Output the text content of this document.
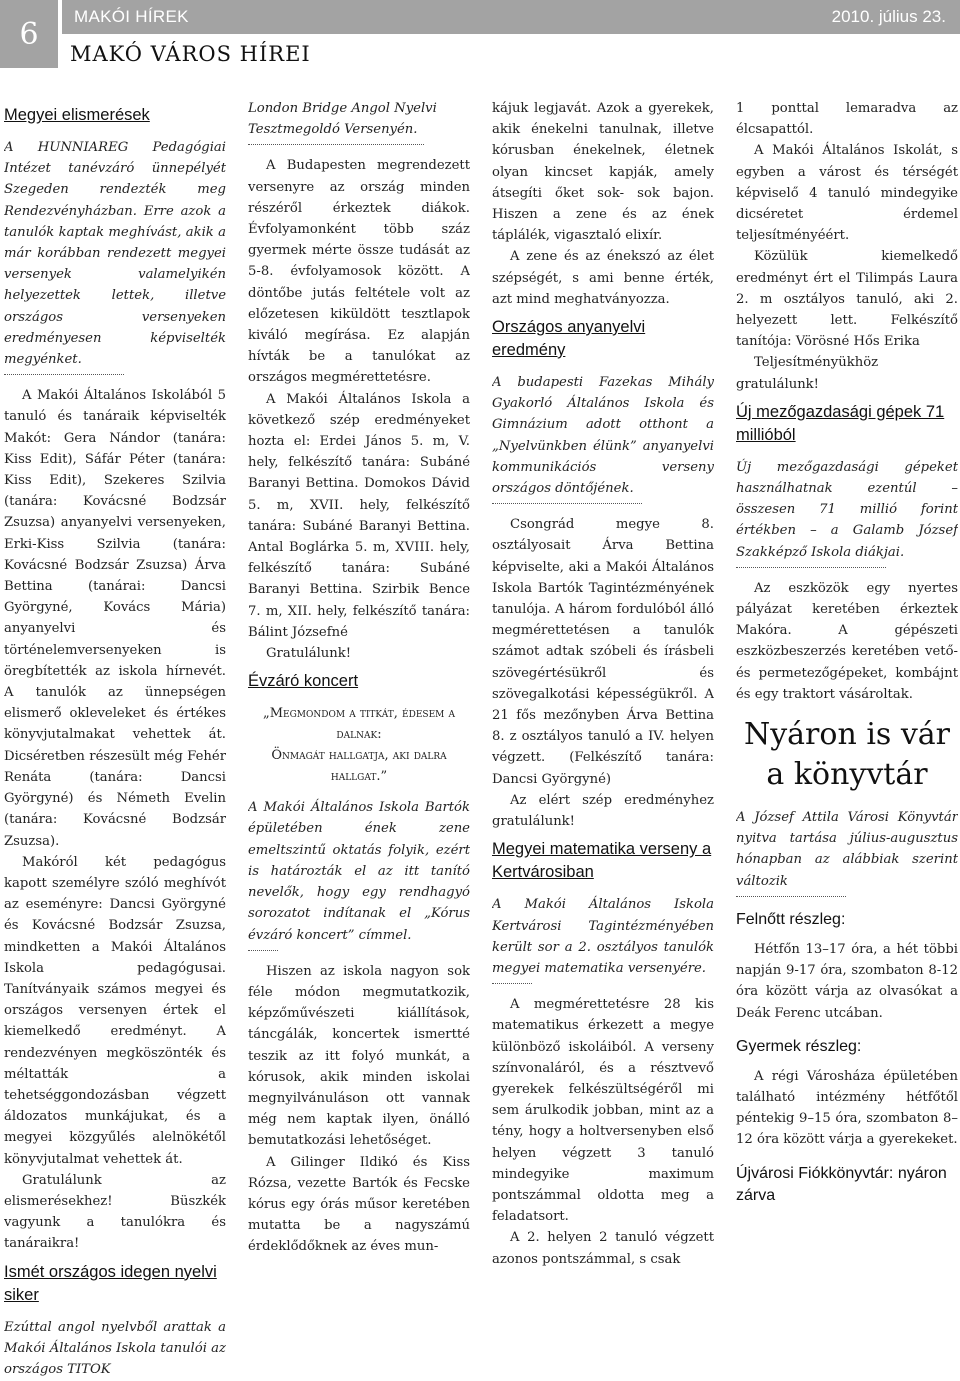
6	MAKÓI HÍREK	2010. július 23.
MAKÓ VÁROS HÍREI

Megyei elismerések

A HUNNIAREG Pedagógiai Intézet tanévzáró ünnepélyét Szegeden rendezték meg Rendezvényházban. Erre azok a tanulók kaptak meghívást, akik a már korábban rendezett megyei versenyek valamelyikén helyezettek lettek, illetve országos versenyeken eredményesen képviselték megyénket.

A Makói Általános Iskolából 5 tanuló és tanáraik képviselték Makót: Gera Nándor (tanára: Kiss Edit), Sáfár Péter (tanára: Kiss Edit), Szekeres Szilvia (tanára: Kovácsné Bodzsár Zsuzsa) anyanyelvi versenyeken, Erki-Kiss Szilvia (tanára: Kovácsné Bodzsár Zsuzsa) Árva Bettina (tanárai: Dancsi Györgyné, Kovács Mária) anyanyelvi és történelemversenyeken is öregbítették az iskola hírnevét. A tanulók az ünnepségen elismerő okleveleket és értékes könyvjutalmakat vehettek át. Dicséretben részesült még Fehér Renáta (tanára: Dancsi Györgyné) és Németh Evelin (tanára: Kovácsné Bodzsár Zsuzsa).

Makóról két pedagógus kapott személyre szóló meghívót az eseményre: Dancsi Györgyné és Kovácsné Bodzsár Zsuzsa, mindketten a Makói Általános Iskola pedagógusai. Tanítványaik számos megyei és országos versenyen értek el kiemelkedő eredményt. A rendezvényen megköszönték és méltatták a tehetséggondozásban végzett áldozatos munkájukat, és a megyei közgyűlés alelnökétől könyvjutalmat vehettek át.

Gratulálunk az elismerésekhez! Büszkék vagyunk a tanulókra és tanáraikra!

Ismét országos idegen nyelvi siker

Ezúttal angol nyelvből arattak a Makói Általános Iskola tanulói az országos TITOK

London Bridge Angol Nyelvi Tesztmegoldó Versenyén.

A Budapesten megrendezett versenyre az ország minden részéről érkeztek diákok. Évfolyamonként több száz gyermek mérte össze tudását az 5-8. évfolyamosok között. A döntőbe jutás feltétele volt az előzetesen kiküldött tesztlapok kiváló megírása. Ez alapján hívták be a tanulókat az országos megmérettetésre.

A Makói Általános Iskola a következő szép eredményeket hozta el: Erdei János 5. m, V. hely, felkészítő tanára: Subáné Baranyi Bettina. Domokos Dávid 5. m, XVII. hely, felkészítő tanára: Subáné Baranyi Bettina. Antal Boglárka 5. m, XVIII. hely, felkészítő tanára: Subáné Baranyi Bettina. Szirbik Bence 7. m, XII. hely, felkészítő tanára: Bálint Józsefné

Gratulálunk!

Évzáró koncert

„Megmondom a titkát, édesem a dalnak:

Önmagát hallgatja, aki dalra hallgat.”

A Makói Általános Iskola Bartók épületében ének zene emeltszintű oktatás folyik, ezért is határozták el az itt tanító nevelők, hogy egy rendhagyó sorozatot indítanak el „Kórus évzáró koncert” címmel.

Hiszen az iskola nagyon sok féle módon megmutatkozik, képzőművészeti kiállítások, táncgálák, koncertek ismertté teszik az itt folyó munkát, a kórusok, akik minden iskolai megnyilvánuláson ott vannak még nem kaptak ilyen, önálló bemutatkozási lehetőséget.

A Gilinger Ildikó és Kiss Rózsa, vezette Bartók és Fecske kórus egy órás műsor keretében mutatta be a nagyszámú érdeklődőknek az éves mun-

kájuk legjavát. Azok a gyerekek, akik énekelni tanulnak, illetve kórusban énekelnek, életnek olyan kincset kapják, amely átsegíti őket sok- sok bajon. Hiszen a zene és az ének táplálék, vigasztaló elixír.

A zene és az énekszó az élet szépségét, s ami benne érték, azt mind meghatványozza.

Országos anyanyelvi eredmény

A budapesti Fazekas Mihály Gyakorló Általános Iskola és Gimnázium adott otthont a „Nyelvünkben élünk” anyanyelvi kommunikációs verseny országos döntőjének.

Csongrád megye 8. osztályosait Árva Bettina képviselte, aki a Makói Általános Iskola Bartók Tagintézményének tanulója. A három fordulóból álló megmérettetésen a tanulók számot adtak szóbeli és írásbeli szövegértésükről és szövegalkotási képességükről. A 21 fős mezőnyben Árva Bettina 8. z osztályos tanuló a IV. helyen végzett. (Felkészítő tanára: Dancsi Györgyné)

Az elért szép eredményhez gratulálunk!

Megyei matematika verseny a Kertvárosiban

A Makói Általános Iskola Kertvárosi Tagintézményében került sor a 2. osztályos tanulók megyei matematika versenyére.

A megmérettetésre 28 kis matematikus érkezett a megye különböző iskoláiból. A verseny színvonaláról, és a résztvevő gyerekek felkészültségéről mi sem árulkodik jobban, mint az a tény, hogy a holtversenyben első helyen végzett 3 tanuló mindegyike maximum pontszámmal oldotta meg a feladatsort.

A 2. helyen 2 tanuló végzett azonos pontszámmal, s csak

1 ponttal lemaradva az élcsapattól.

A Makói Általános Iskolát, s egyben a várost és térségét képviselő 4 tanuló mindegyike dicséretet érdemel teljesítményéért.

Közülük kiemelkedő eredményt ért el Tilimpás Laura 2. m osztályos tanuló, aki 2. helyezett lett. Felkészítő tanítója: Vörösné Hős Erika

Teljesítményükhöz gratulálunk!

Új mezőgazdasági gépek 71 millióból

Új mezőgazdasági gépeket használhatnak ezentúl – összesen 71 millió forint értékben – a Galamb József Szakképző Iskola diákjai.

Az eszközök egy nyertes pályázat keretében érkeztek Makóra. A gépészeti eszközbeszerzés keretében vető- és permetezőgépeket, kombájnt és egy traktort vásároltak.

Nyáron is vár a könyvtár

A József Attila Városi Könyvtár nyitva tartása július-augusztus hónapban az alábbiak szerint változik

Felnőtt részleg:

Hétfőn 13–17 óra, a hét többi napján 9-17 óra, szombaton 8-12 óra között várja az olvasókat a Deák Ferenc utcában.

Gyermek részleg:

A régi Városháza épületében található intézmény hétfőtől péntekig 9–15 óra, szombaton 8–12 óra között várja a gyerekeket.

Újvárosi Fiókkönyvtár: nyáron zárva
